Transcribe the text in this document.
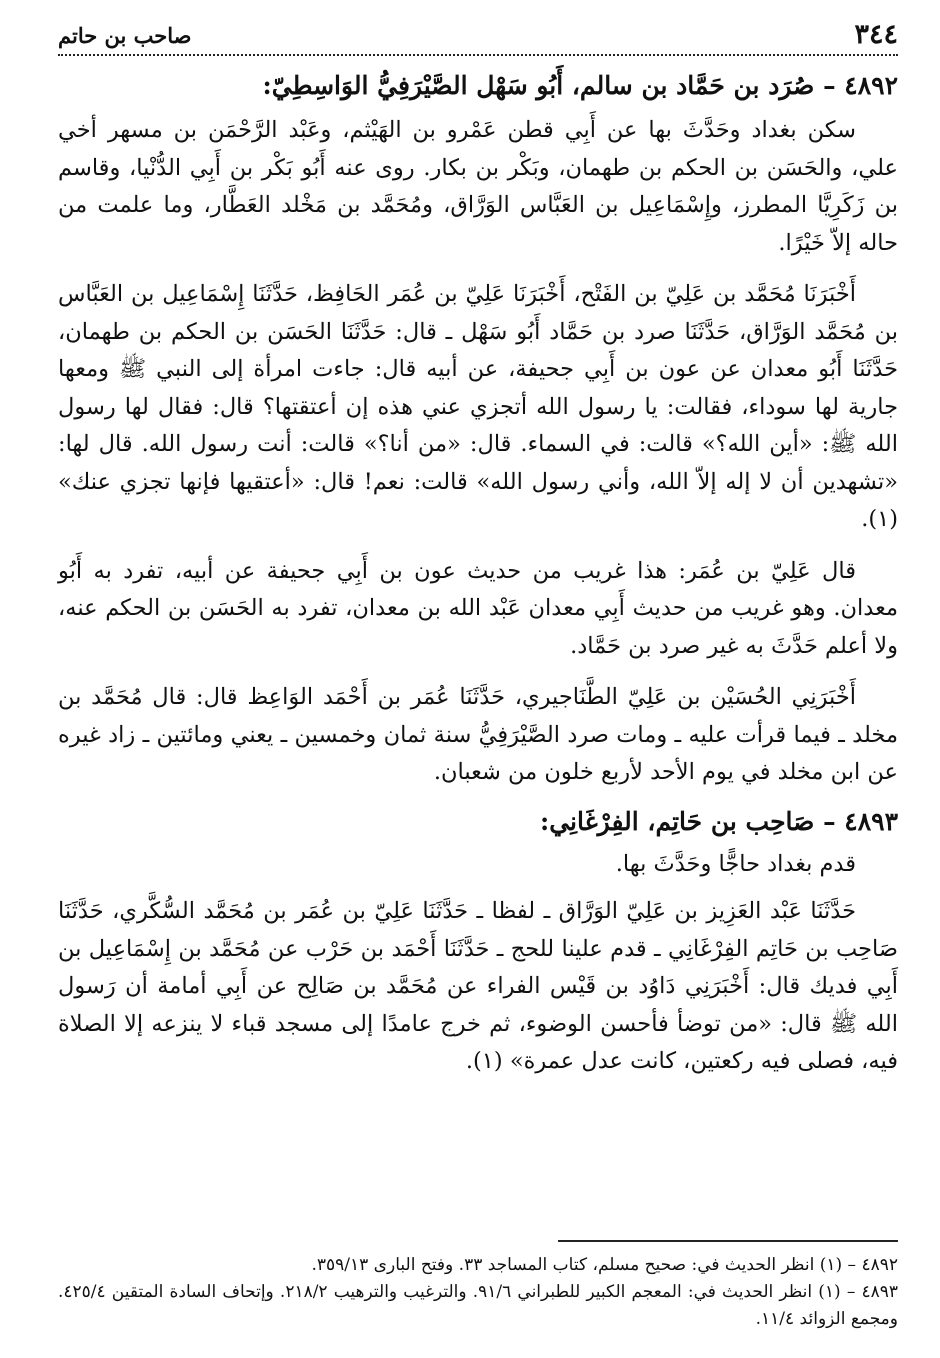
٣٤٤
صاحب بن حاتم
٤٨٩٢ – صُرَد بن حَمَّاد بن سالم، أَبُو سَهْل الصَّيْرَفِيُّ الوَاسِطِيّ:

سكن بغداد وحَدَّثَ بها عن أَبِي قطن عَمْرو بن الهَيْثم، وعَبْد الرَّحْمَن بن مسهر أخي علي، والحَسَن بن الحكم بن طهمان، وبَكْر بن بكار. روى عنه أَبُو بَكْر بن أَبِي الدُّنْيا، وقاسم بن زَكَرِيَّا المطرز، وإِسْمَاعِيل بن العَبَّاس الوَرَّاق، ومُحَمَّد بن مَخْلد العَطَّار، وما علمت من حاله إلاّ خَيْرًا.

أَخْبَرَنَا مُحَمَّد بن عَلِيّ بن الفَتْح، أَخْبَرَنَا عَلِيّ بن عُمَر الحَافِظ، حَدَّثَنَا إِسْمَاعِيل بن العَبَّاس بن مُحَمَّد الوَرَّاق، حَدَّثَنَا صرد بن حَمَّاد أَبُو سَهْل ـ قال: حَدَّثَنَا الحَسَن بن الحكم بن طهمان، حَدَّثَنَا أَبُو معدان عن عون بن أَبِي جحيفة، عن أبيه قال: جاءت امرأة إلى النبي ﷺ ومعها جارية لها سوداء، فقالت: يا رسول الله أتجزي عني هذه إن أعتقتها؟ قال: فقال لها رسول الله ﷺ: «أين الله؟» قالت: في السماء. قال: «من أنا؟» قالت: أنت رسول الله. قال لها: «تشهدين أن لا إله إلاّ الله، وأني رسول الله» قالت: نعم! قال: «أعتقيها فإنها تجزي عنك» (١).

قال عَلِيّ بن عُمَر: هذا غريب من حديث عون بن أَبِي جحيفة عن أبيه، تفرد به أَبُو معدان. وهو غريب من حديث أَبِي معدان عَبْد الله بن معدان، تفرد به الحَسَن بن الحكم عنه، ولا أعلم حَدَّثَ به غير صرد بن حَمَّاد.

أَخْبَرَنِي الحُسَيْن بن عَلِيّ الطَّنَاجيري، حَدَّثَنَا عُمَر بن أَحْمَد الوَاعِظ قال: قال مُحَمَّد بن مخلد ـ فيما قرأت عليه ـ ومات صرد الصَّيْرَفِيُّ سنة ثمان وخمسين ـ يعني ومائتين ـ زاد غيره عن ابن مخلد في يوم الأحد لأربع خلون من شعبان.

٤٨٩٣ – صَاحِب بن حَاتِم، الفِرْغَانِي:

قدم بغداد حاجًّا وحَدَّثَ بها.

حَدَّثَنَا عَبْد العَزِيز بن عَلِيّ الوَرَّاق ـ لفظا ـ حَدَّثَنَا عَلِيّ بن عُمَر بن مُحَمَّد السُّكَّري، حَدَّثَنَا صَاحِب بن حَاتِم الفِرْغَانِي ـ قدم علينا للحج ـ حَدَّثَنَا أَحْمَد بن حَرْب عن مُحَمَّد بن إِسْمَاعِيل بن أَبِي فديك قال: أَخْبَرَنِي دَاوُد بن قَيْس الفراء عن مُحَمَّد بن صَالِح عن أَبِي أمامة أن رَسول الله ﷺ قال: «من توضأ فأحسن الوضوء، ثم خرج عامدًا إلى مسجد قباء لا ينزعه إلا الصلاة فيه، فصلى فيه ركعتين، كانت عدل عمرة» (١).

٤٨٩٢ – (١) انظر الحديث في: صحيح مسلم، كتاب المساجد ٣٣. وفتح البارى ٣٥٩/١٣.

٤٨٩٣ – (١) انظر الحديث في: المعجم الكبير للطبراني ٩١/٦. والترغيب والترهيب ٢١٨/٢. وإتحاف السادة المتقين ٤٢٥/٤. ومجمع الزوائد ١١/٤.
